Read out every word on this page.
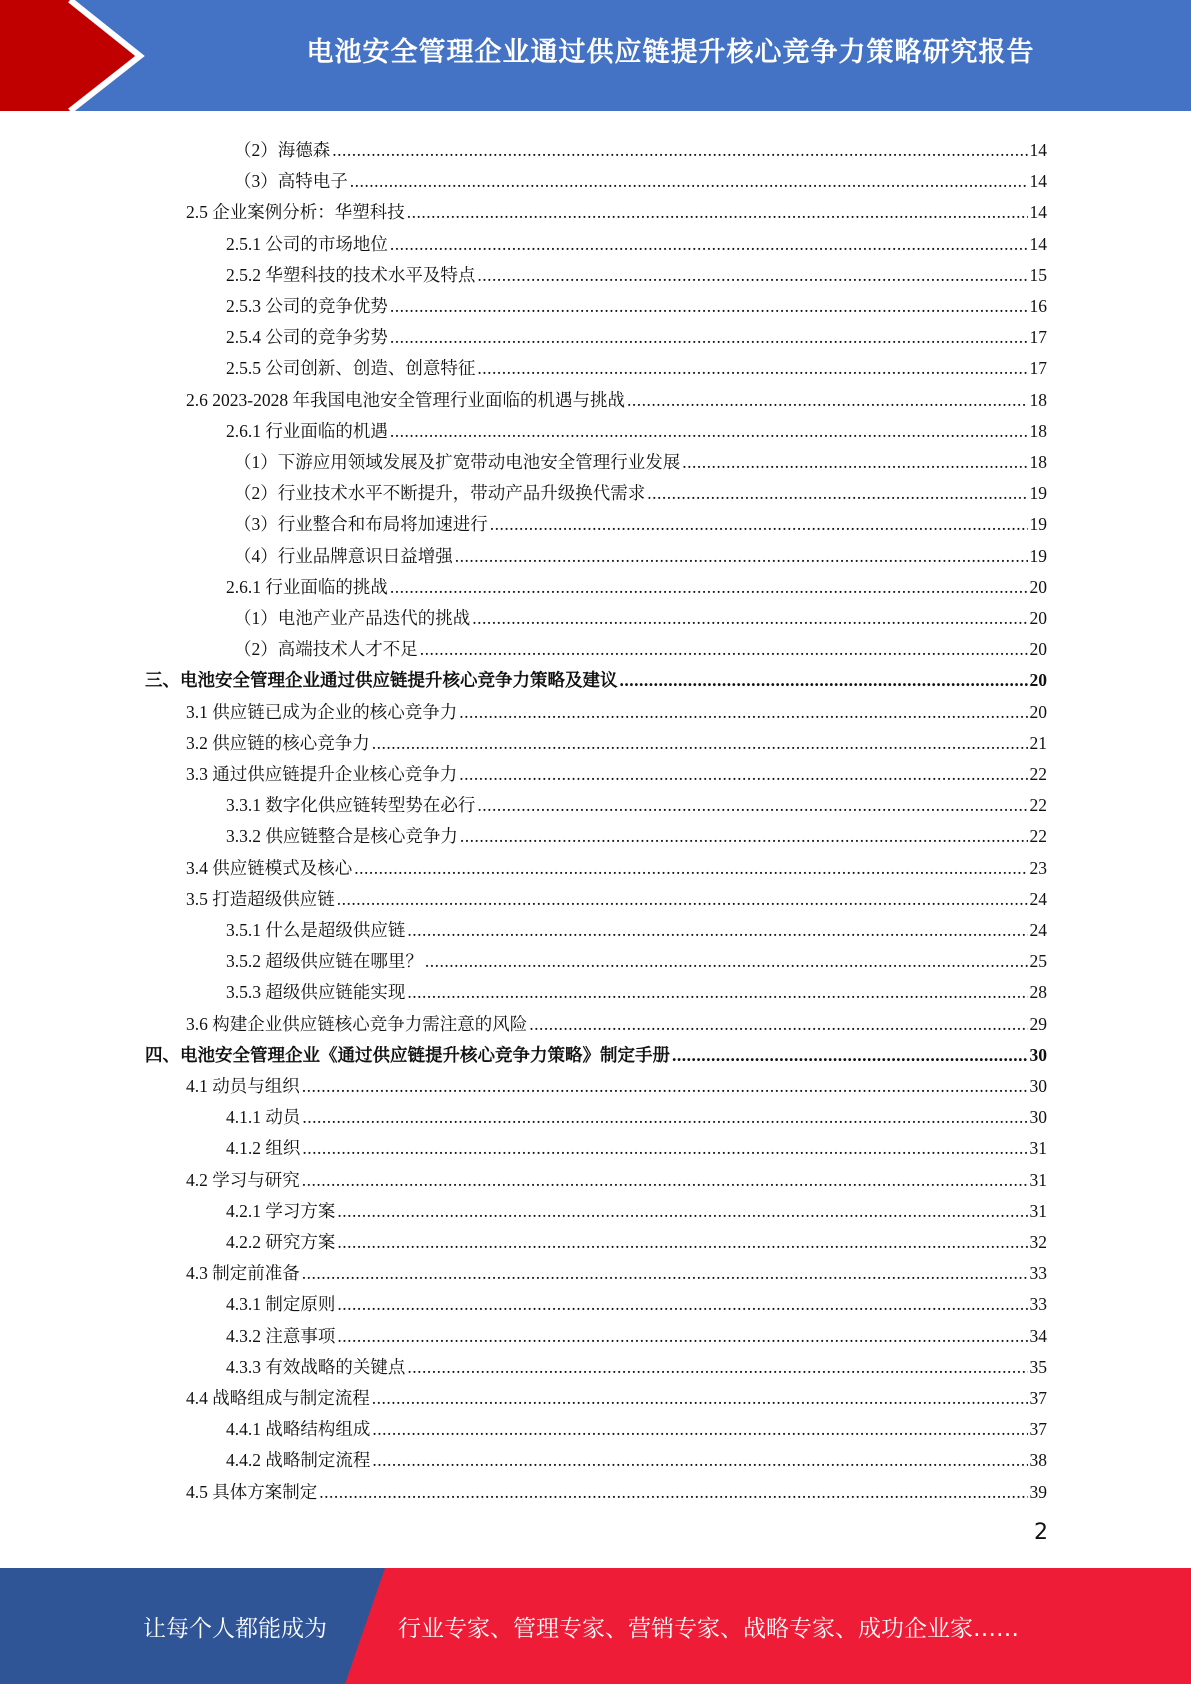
电池安全管理企业通过供应链提升核心竞争力策略研究报告
（2）海德森 .....	14
（3）高特电子 .....	14
2.5 企业案例分析：华塑科技 .....	14
2.5.1 公司的市场地位 .....	14
2.5.2 华塑科技的技术水平及特点 .....	15
2.5.3 公司的竞争优势 .....	16
2.5.4 公司的竞争劣势 .....	17
2.5.5 公司创新、创造、创意特征 .....	17
2.6 2023-2028 年我国电池安全管理行业面临的机遇与挑战 .....	18
2.6.1 行业面临的机遇 .....	18
（1）下游应用领域发展及扩宽带动电池安全管理行业发展 .....	18
（2）行业技术水平不断提升，带动产品升级换代需求 .....	19
（3）行业整合和布局将加速进行 .....	19
（4）行业品牌意识日益增强 .....	19
2.6.1 行业面临的挑战 .....	20
（1）电池产业产品迭代的挑战 .....	20
（2）高端技术人才不足 .....	20
三、电池安全管理企业通过供应链提升核心竞争力策略及建议 .....	20
3.1 供应链已成为企业的核心竞争力 .....	20
3.2 供应链的核心竞争力 .....	21
3.3 通过供应链提升企业核心竞争力 .....	22
3.3.1 数字化供应链转型势在必行 .....	22
3.3.2 供应链整合是核心竞争力 .....	22
3.4 供应链模式及核心 .....	23
3.5 打造超级供应链 .....	24
3.5.1 什么是超级供应链 .....	24
3.5.2 超级供应链在哪里？ .....	25
3.5.3 超级供应链能实现 .....	28
3.6 构建企业供应链核心竞争力需注意的风险 .....	29
四、电池安全管理企业《通过供应链提升核心竞争力策略》制定手册 .....	30
4.1 动员与组织 .....	30
4.1.1 动员 .....	30
4.1.2 组织 .....	31
4.2 学习与研究 .....	31
4.2.1 学习方案 .....	31
4.2.2 研究方案 .....	32
4.3 制定前准备 .....	33
4.3.1 制定原则 .....	33
4.3.2 注意事项 .....	34
4.3.3 有效战略的关键点 .....	35
4.4 战略组成与制定流程 .....	37
4.4.1 战略结构组成 .....	37
4.4.2 战略制定流程 .....	38
4.5 具体方案制定 .....	39
2
让每个人都能成为	行业专家、管理专家、营销专家、战略专家、成功企业家……
